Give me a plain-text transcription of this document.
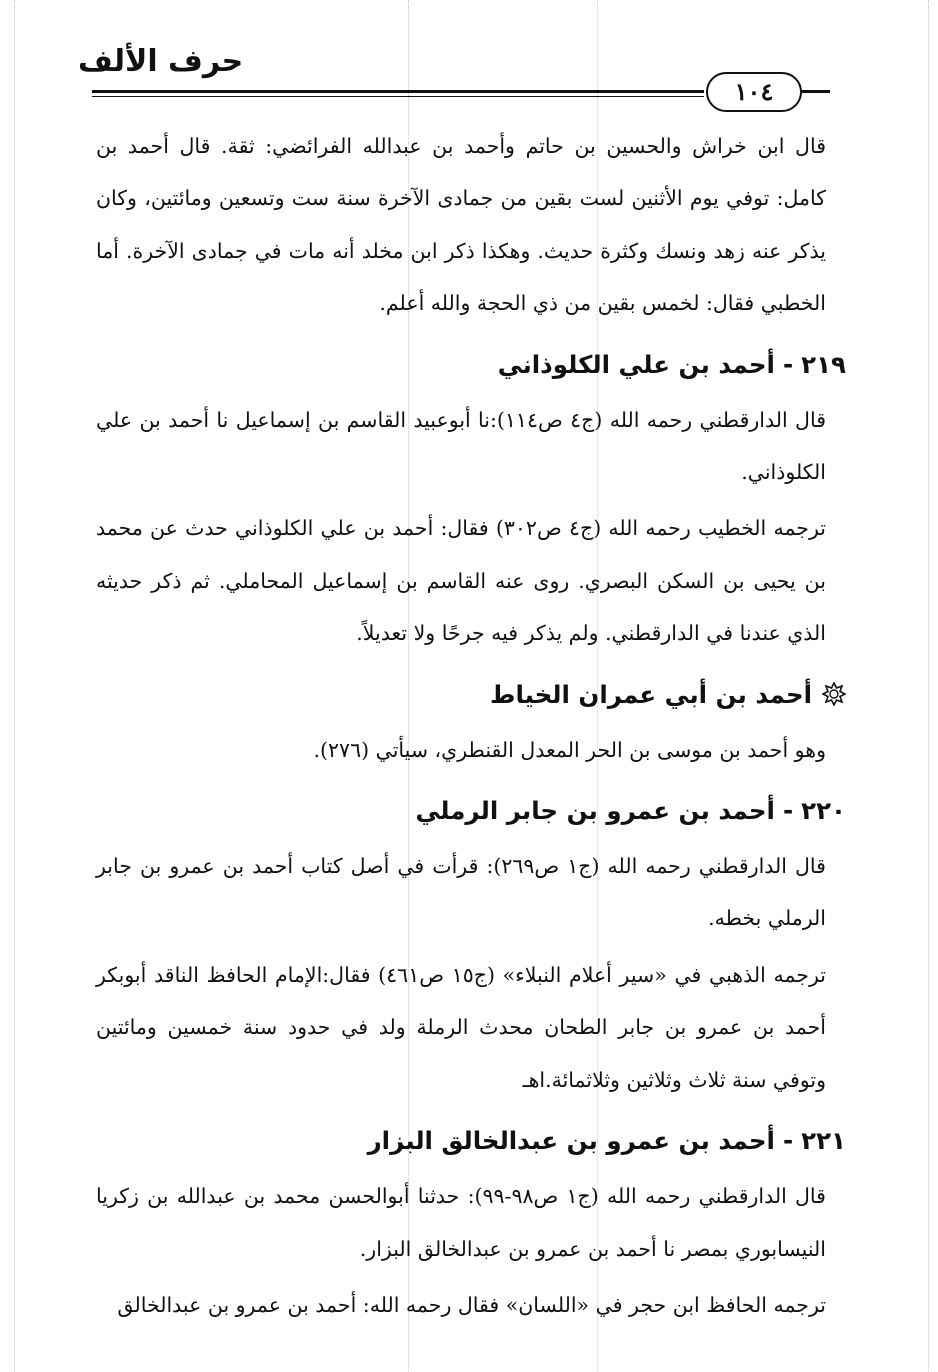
حرف الألف
١٠٤

قال ابن خراش والحسين بن حاتم وأحمد بن عبدالله الفرائضي: ثقة. قال أحمد بن كامل: توفي يوم الأثنين لست بقين من جمادى الآخرة سنة ست وتسعين ومائتين، وكان يذكر عنه زهد ونسك وكثرة حديث. وهكذا ذكر ابن مخلد أنه مات في جمادى الآخرة. أما الخطبي فقال: لخمس بقين من ذي الحجة والله أعلم.

٢١٩-أحمد بن علي الكلوذاني

قال الدارقطني رحمه الله (ج٤ ص١١٤):نا أبوعبيد القاسم بن إسماعيل نا أحمد بن علي الكلوذاني.

ترجمه الخطيب رحمه الله (ج٤ ص٣٠٢) فقال: أحمد بن علي الكلوذاني حدث عن محمد بن يحيى بن السكن البصري. روى عنه القاسم بن إسماعيل المحاملي. ثم ذكر حديثه الذي عندنا في الدارقطني. ولم يذكر فيه جرحًا ولا تعديلاً.

أحمد بن أبي عمران الخياط

وهو أحمد بن موسى بن الحر المعدل القنطري، سيأتي (٢٧٦).

٢٢٠-أحمد بن عمرو بن جابر الرملي

قال الدارقطني رحمه الله (ج١ ص٢٦٩): قرأت في أصل كتاب أحمد بن عمرو بن جابر الرملي بخطه.

ترجمه الذهبي في «سير أعلام النبلاء» (ج١٥ ص٤٦١) فقال:الإمام الحافظ الناقد أبوبكر أحمد بن عمرو بن جابر الطحان محدث الرملة ولد في حدود سنة خمسين ومائتين وتوفي سنة ثلاث وثلاثين وثلاثمائة.اهـ

٢٢١-أحمد بن عمرو بن عبدالخالق البزار

قال الدارقطني رحمه الله (ج١ ص٩٨-٩٩): حدثنا أبوالحسن محمد بن عبدالله بن زكريا النيسابوري بمصر نا أحمد بن عمرو بن عبدالخالق البزار.

ترجمه الحافظ ابن حجر في «اللسان» فقال رحمه الله: أحمد بن عمرو بن عبدالخالق
